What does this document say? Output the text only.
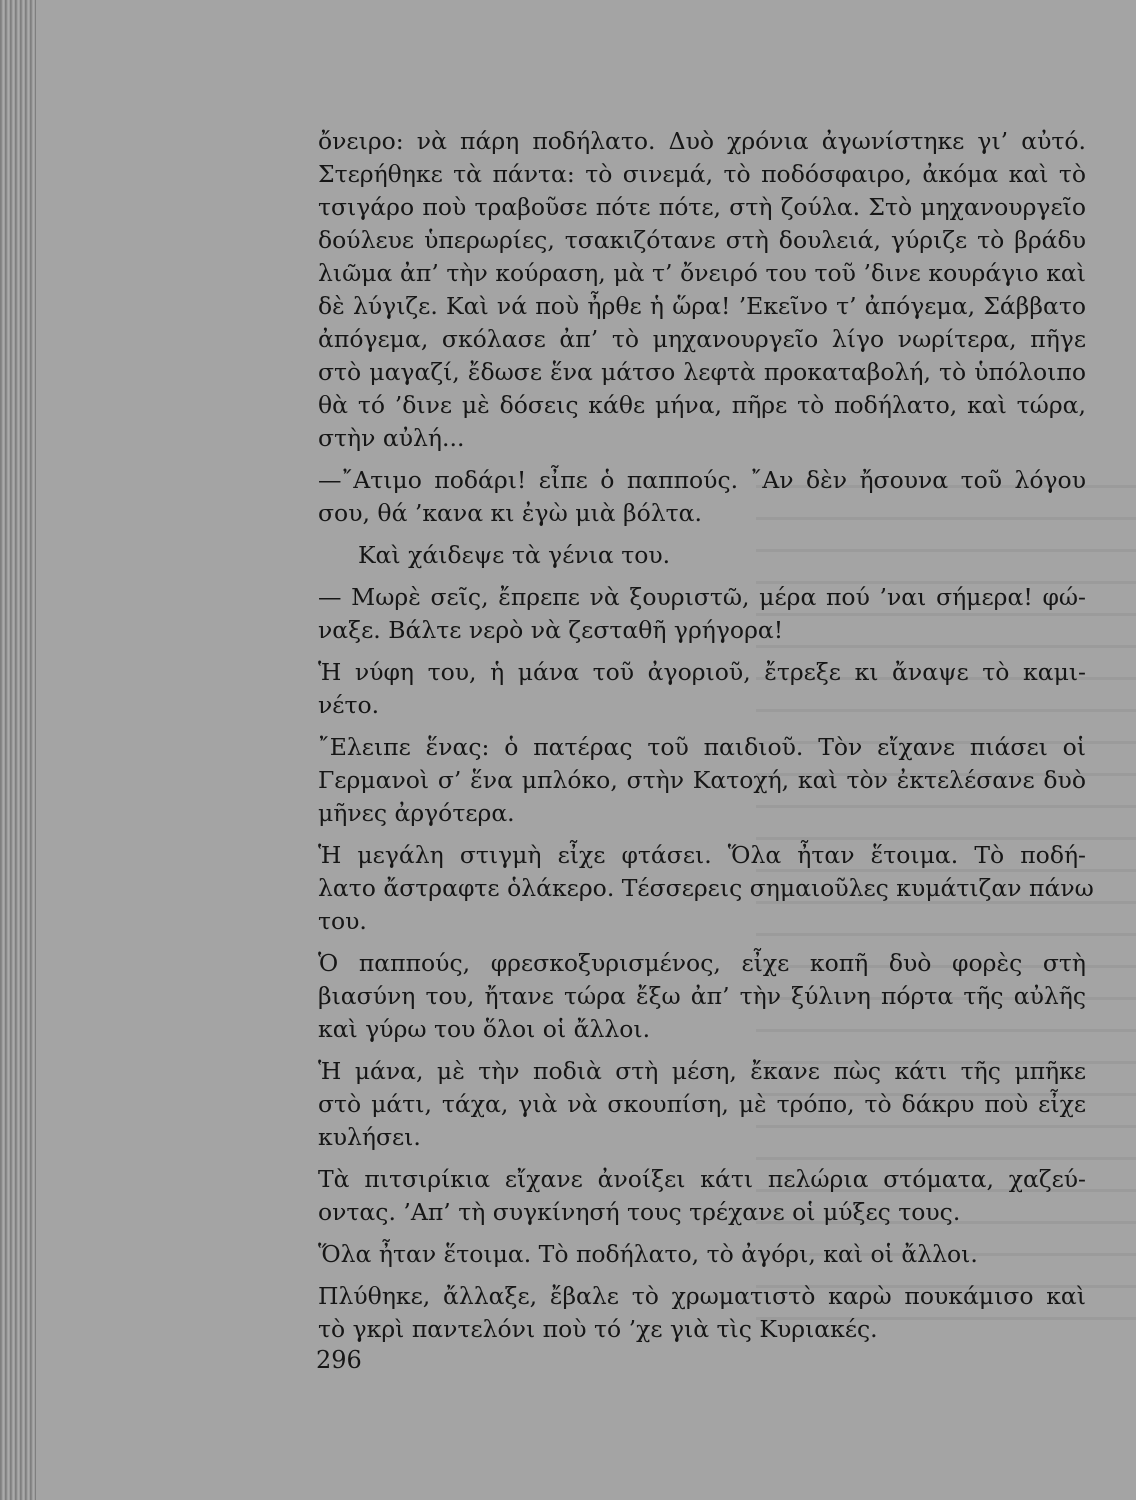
ὄνειρο: νὰ πάρη ποδήλατο. Δυὸ χρόνια ἀγωνίστηκε γι’ αὐτό.

Στερήθηκε τὰ πάντα: τὸ σινεμά, τὸ ποδόσφαιρο, ἀκόμα καὶ τὸ

τσιγάρο ποὺ τραβοῦσε πότε πότε, στὴ ζούλα. Στὸ μηχανουργεῖο

δούλευε ὑπερωρίες, τσακιζότανε στὴ δουλειά, γύριζε τὸ βράδυ

λιῶμα ἀπ’ τὴν κούραση, μὰ τ’ ὄνειρό του τοῦ ’δινε κουράγιο καὶ

δὲ λύγιζε. Καὶ νά ποὺ ἦρθε ἡ ὥρα! ’Εκεῖνο τ’ ἀπόγεμα, Σάββατο

ἀπόγεμα, σκόλασε ἀπ’ τὸ μηχανουργεῖο λίγο νωρίτερα, πῆγε

στὸ μαγαζί, ἔδωσε ἕνα μάτσο λεφτὰ προκαταβολή, τὸ ὑπόλοιπο

θὰ τό ’δινε μὲ δόσεις κάθε μήνα, πῆρε τὸ ποδήλατο, καὶ τώρα,

στὴν αὐλή...

—῎Ατιμο ποδάρι! εἶπε ὁ παππούς. ῎Αν δὲν ἤσουνα τοῦ λόγου

σου, θά ’κανα κι ἐγὼ μιὰ βόλτα.

Καὶ χάιδεψε τὰ γένια του.

— Μωρὲ σεῖς, ἔπρεπε νὰ ξουριστῶ, μέρα πού ’ναι σήμερα! φώ-

ναξε. Βάλτε νερὸ νὰ ζεσταθῆ γρήγορα!

Ἡ νύφη του, ἡ μάνα τοῦ ἀγοριοῦ, ἔτρεξε κι ἄναψε τὸ καμι-

νέτο.

῎Ελειπε ἕνας: ὁ πατέρας τοῦ παιδιοῦ. Τὸν εἴχανε πιάσει οἱ

Γερμανοὶ σ’ ἕνα μπλόκο, στὴν Κατοχή, καὶ τὸν ἐκτελέσανε δυὸ

μῆνες ἀργότερα.

Ἡ μεγάλη στιγμὴ εἶχε φτάσει. Ὅλα ἦταν ἕτοιμα. Τὸ ποδή-

λατο ἄστραφτε ὁλάκερο. Τέσσερεις σημαιοῦλες κυμάτιζαν πάνω

του.

Ὁ παππούς, φρεσκοξυρισμένος, εἶχε κοπῆ δυὸ φορὲς στὴ

βιασύνη του, ἤτανε τώρα ἔξω ἀπ’ τὴν ξύλινη πόρτα τῆς αὐλῆς

καὶ γύρω του ὅλοι οἱ ἄλλοι.

Ἡ μάνα, μὲ τὴν ποδιὰ στὴ μέση, ἔκανε πὼς κάτι τῆς μπῆκε

στὸ μάτι, τάχα, γιὰ νὰ σκουπίση, μὲ τρόπο, τὸ δάκρυ ποὺ εἶχε

κυλήσει.

Τὰ πιτσιρίκια εἴχανε ἀνοίξει κάτι πελώρια στόματα, χαζεύ-

οντας. ’Απ’ τὴ συγκίνησή τους τρέχανε οἱ μύξες τους.

Ὅλα ἦταν ἕτοιμα. Τὸ ποδήλατο, τὸ ἀγόρι, καὶ οἱ ἄλλοι.

Πλύθηκε, ἄλλαξε, ἔβαλε τὸ χρωματιστὸ καρὼ πουκάμισο καὶ

τὸ γκρὶ παντελόνι ποὺ τό ’χε γιὰ τὶς Κυριακές.

296
